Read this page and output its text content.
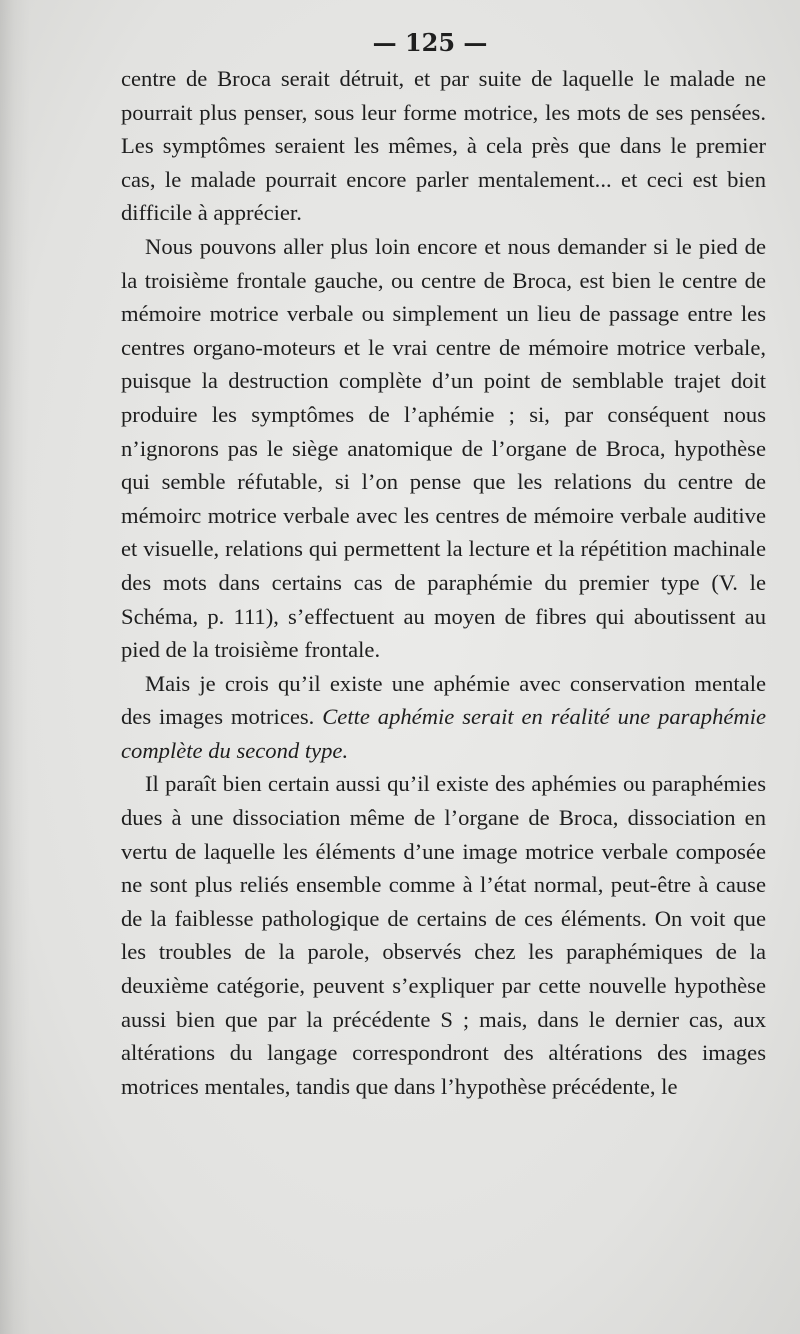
— 125 —

centre de Broca serait détruit, et par suite de laquelle le malade ne pourrait plus penser, sous leur forme motrice, les mots de ses pensées. Les symptômes seraient les mêmes, à cela près que dans le premier cas, le malade pourrait encore parler mentalement... et ceci est bien difficile à apprécier.

Nous pouvons aller plus loin encore et nous demander si le pied de la troisième frontale gauche, ou centre de Broca, est bien le centre de mémoire motrice verbale ou simplement un lieu de passage entre les centres organo-moteurs et le vrai centre de mémoire motrice verbale, puisque la destruction complète d’un point de semblable trajet doit produire les symptômes de l’aphémie ; si, par conséquent nous n’ignorons pas le siège anatomique de l’organe de Broca, hypothèse qui semble réfutable, si l’on pense que les relations du centre de mémoirc motrice verbale avec les centres de mémoire verbale auditive et visuelle, relations qui permettent la lecture et la répétition machinale des mots dans certains cas de paraphémie du premier type (V. le Schéma, p. 111), s’effectuent au moyen de fibres qui aboutissent au pied de la troisième frontale.

Mais je crois qu’il existe une aphémie avec conservation mentale des images motrices. Cette aphémie serait en réalité une paraphémie complète du second type.

Il paraît bien certain aussi qu’il existe des aphémies ou paraphémies dues à une dissociation même de l’organe de Broca, dissociation en vertu de laquelle les éléments d’une image motrice verbale composée ne sont plus reliés ensemble comme à l’état normal, peut-être à cause de la faiblesse pathologique de certains de ces éléments. On voit que les troubles de la parole, observés chez les paraphémiques de la deuxième catégorie, peuvent s’expliquer par cette nouvelle hypothèse aussi bien que par la précédente S ; mais, dans le dernier cas, aux altérations du langage correspondront des altérations des images motrices mentales, tandis que dans l’hypothèse précédente, le
